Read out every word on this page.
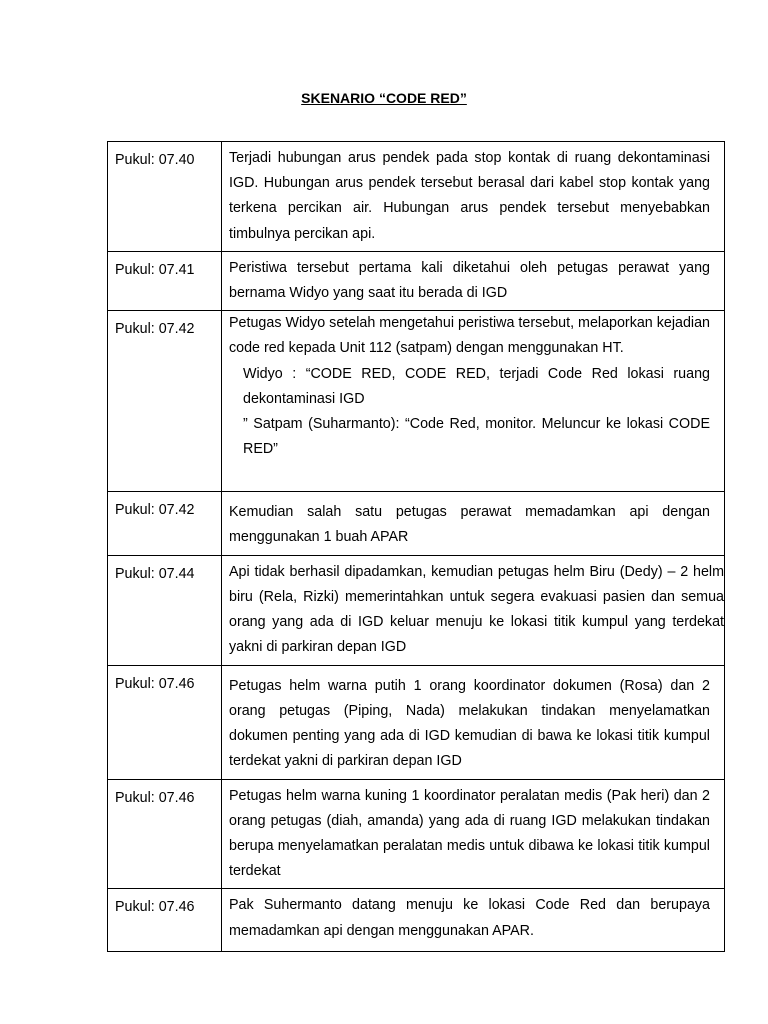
SKENARIO “CODE RED”
Pukul: 07.40	Terjadi hubungan arus pendek pada stop kontak di ruang dekontaminasi IGD. Hubungan arus pendek tersebut berasal dari kabel stop kontak yang terkena percikan air. Hubungan arus pendek tersebut menyebabkan timbulnya percikan api.

Pukul: 07.41	Peristiwa tersebut pertama kali diketahui oleh petugas perawat yang bernama Widyo yang saat itu berada di IGD

Pukul: 07.42	Petugas Widyo setelah mengetahui peristiwa tersebut, melaporkan kejadian code red kepada Unit 112 (satpam) dengan menggunakan HT.

Widyo : “CODE RED, CODE RED, terjadi Code Red lokasi ruang dekontaminasi IGD

” Satpam (Suharmanto): “Code Red, monitor. Meluncur ke lokasi CODE RED”

Pukul: 07.42	Kemudian salah satu petugas perawat memadamkan api dengan menggunakan 1 buah APAR

Pukul: 07.44	Api tidak berhasil dipadamkan, kemudian petugas helm Biru (Dedy) – 2 helm biru (Rela, Rizki) memerintahkan untuk segera evakuasi pasien dan semua orang yang ada di IGD keluar menuju ke lokasi titik kumpul yang terdekat yakni di parkiran depan IGD

Pukul: 07.46	Petugas helm warna putih 1 orang koordinator dokumen (Rosa) dan 2 orang petugas (Piping, Nada) melakukan tindakan menyelamatkan dokumen penting yang ada di IGD kemudian di bawa ke lokasi titik kumpul terdekat yakni di parkiran depan IGD

Pukul: 07.46	Petugas helm warna kuning 1 koordinator peralatan medis (Pak heri) dan 2 orang petugas (diah, amanda) yang ada di ruang IGD melakukan tindakan berupa menyelamatkan peralatan medis untuk dibawa ke lokasi titik kumpul terdekat

Pukul: 07.46	Pak Suhermanto datang menuju ke lokasi Code Red dan berupaya memadamkan api dengan menggunakan APAR.
